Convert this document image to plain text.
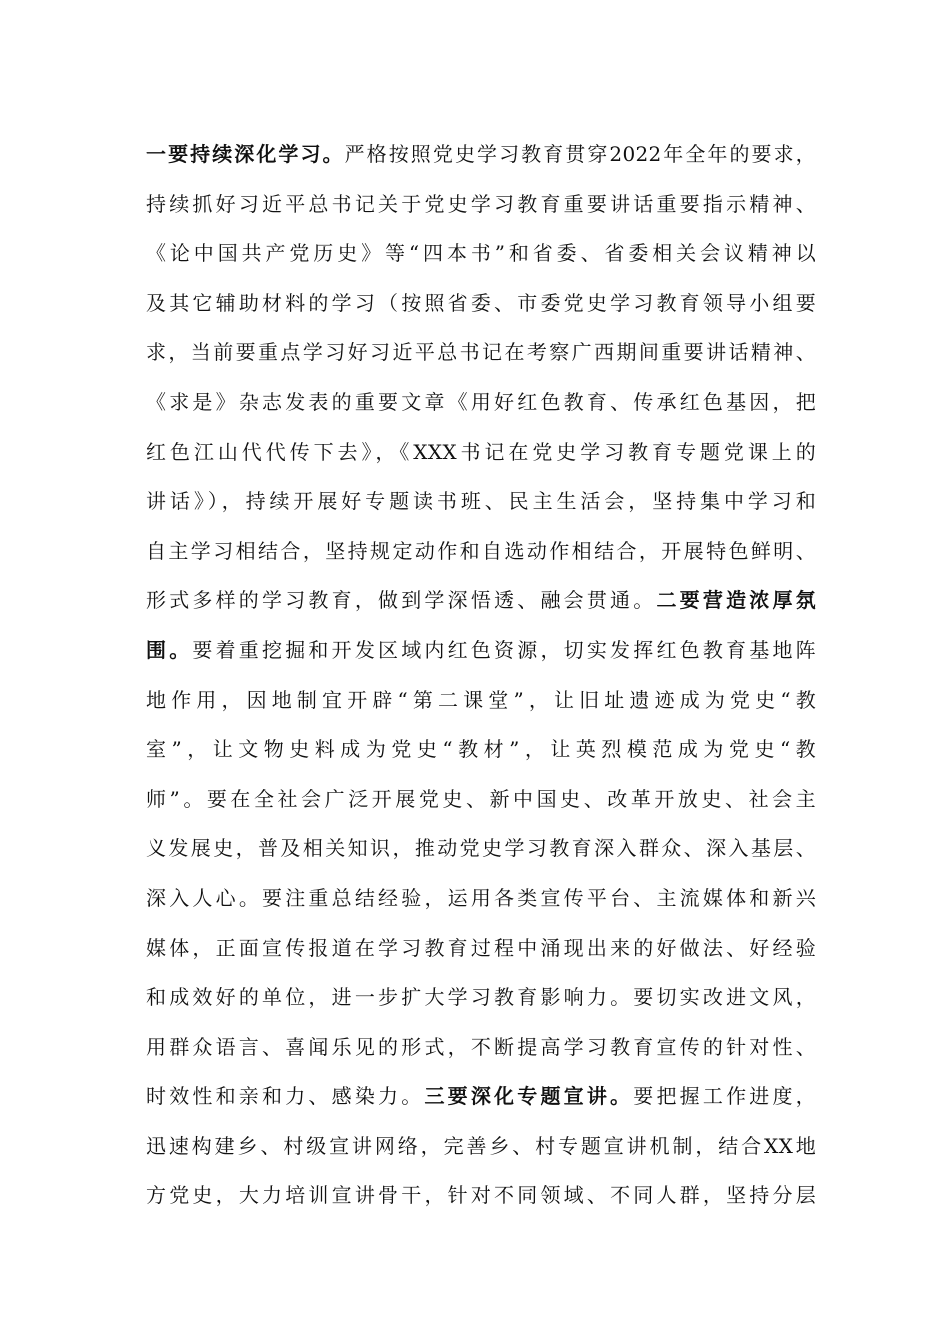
一要持续深化学习。严格按照党史学习教育贯穿2022年全年的要求，
持续抓好习近平总书记关于党史学习教育重要讲话重要指示精神、
《论中国共产党历史》等“四本书”和省委、省委相关会议精神以
及其它辅助材料的学习（按照省委、市委党史学习教育领导小组要
求，当前要重点学习好习近平总书记在考察广西期间重要讲话精神、
《求是》杂志发表的重要文章《用好红色教育、传承红色基因，把
红色江山代代传下去》，《XXX书记在党史学习教育专题党课上的
讲话》），持续开展好专题读书班、民主生活会，坚持集中学习和
自主学习相结合，坚持规定动作和自选动作相结合，开展特色鲜明、
形式多样的学习教育，做到学深悟透、融会贯通。二要营造浓厚氛
围。要着重挖掘和开发区域内红色资源，切实发挥红色教育基地阵
地作用，因地制宜开辟“第二课堂”，让旧址遗迹成为党史“教
室”，让文物史料成为党史“教材”，让英烈模范成为党史“教
师”。要在全社会广泛开展党史、新中国史、改革开放史、社会主
义发展史，普及相关知识，推动党史学习教育深入群众、深入基层、
深入人心。要注重总结经验，运用各类宣传平台、主流媒体和新兴
媒体，正面宣传报道在学习教育过程中涌现出来的好做法、好经验
和成效好的单位，进一步扩大学习教育影响力。要切实改进文风，
用群众语言、喜闻乐见的形式，不断提高学习教育宣传的针对性、
时效性和亲和力、感染力。三要深化专题宣讲。要把握工作进度，
迅速构建乡、村级宣讲网络，完善乡、村专题宣讲机制，结合XX地
方党史，大力培训宣讲骨干，针对不同领域、不同人群，坚持分层
